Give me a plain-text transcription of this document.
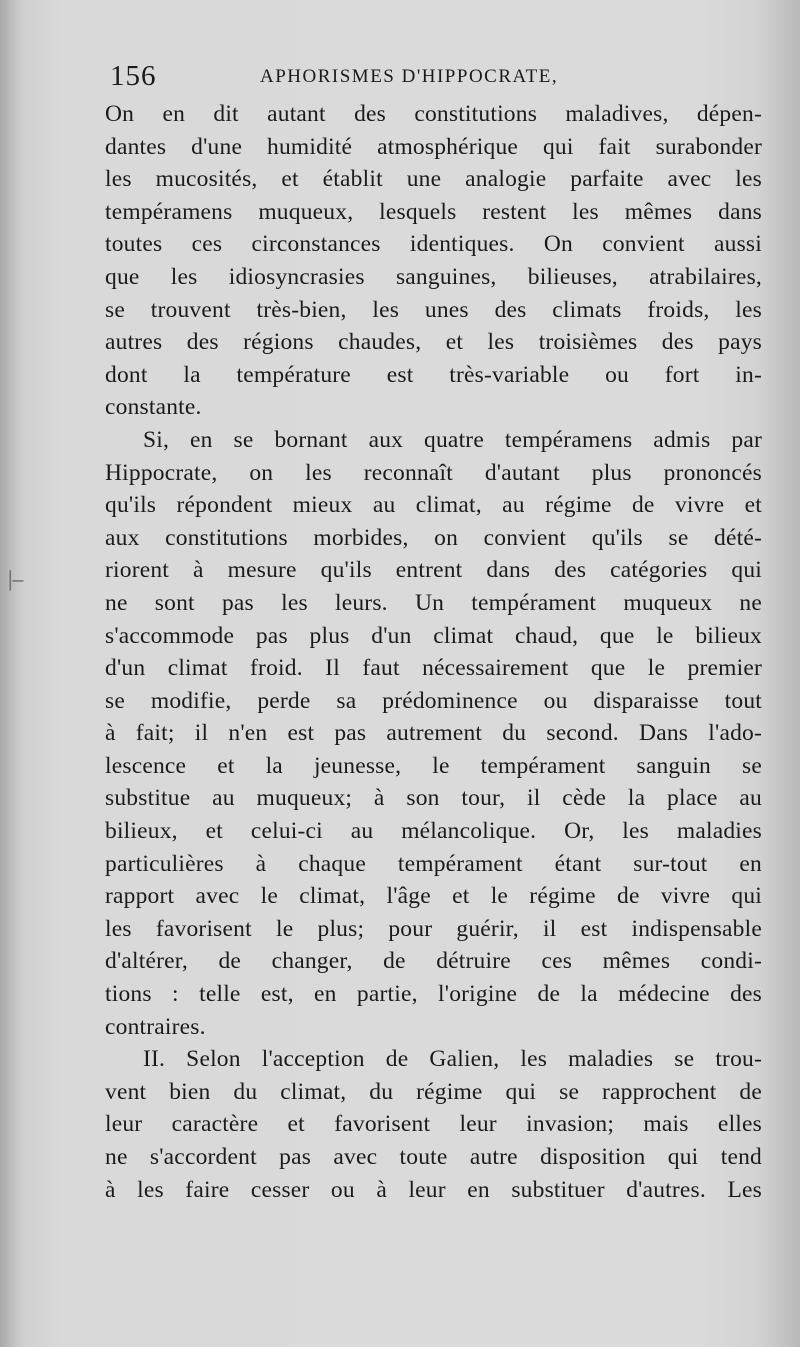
156	APHORISMES D'HIPPOCRATE,
|–
On en dit autant des constitutions maladives, dépen-
dantes d'une humidité atmosphérique qui fait surabonder
les mucosités, et établit une analogie parfaite avec les
tempéramens muqueux, lesquels restent les mêmes dans
toutes ces circonstances identiques. On convient aussi
que les idiosyncrasies sanguines, bilieuses, atrabilaires,
se trouvent très-bien, les unes des climats froids, les
autres des régions chaudes, et les troisièmes des pays
dont la température est très-variable ou fort in-
constante.
Si, en se bornant aux quatre tempéramens admis par
Hippocrate, on les reconnaît d'autant plus prononcés
qu'ils répondent mieux au climat, au régime de vivre et
aux constitutions morbides, on convient qu'ils se dété-
riorent à mesure qu'ils entrent dans des catégories qui
ne sont pas les leurs. Un tempérament muqueux ne
s'accommode pas plus d'un climat chaud, que le bilieux
d'un climat froid. Il faut nécessairement que le premier
se modifie, perde sa prédominence ou disparaisse tout
à fait; il n'en est pas autrement du second. Dans l'ado-
lescence et la jeunesse, le tempérament sanguin se
substitue au muqueux; à son tour, il cède la place au
bilieux, et celui-ci au mélancolique. Or, les maladies
particulières à chaque tempérament étant sur-tout en
rapport avec le climat, l'âge et le régime de vivre qui
les favorisent le plus; pour guérir, il est indispensable
d'altérer, de changer, de détruire ces mêmes condi-
tions : telle est, en partie, l'origine de la médecine des
contraires.
II. Selon l'acception de Galien, les maladies se trou-
vent bien du climat, du régime qui se rapprochent de
leur caractère et favorisent leur invasion; mais elles
ne s'accordent pas avec toute autre disposition qui tend
à les faire cesser ou à leur en substituer d'autres. Les
